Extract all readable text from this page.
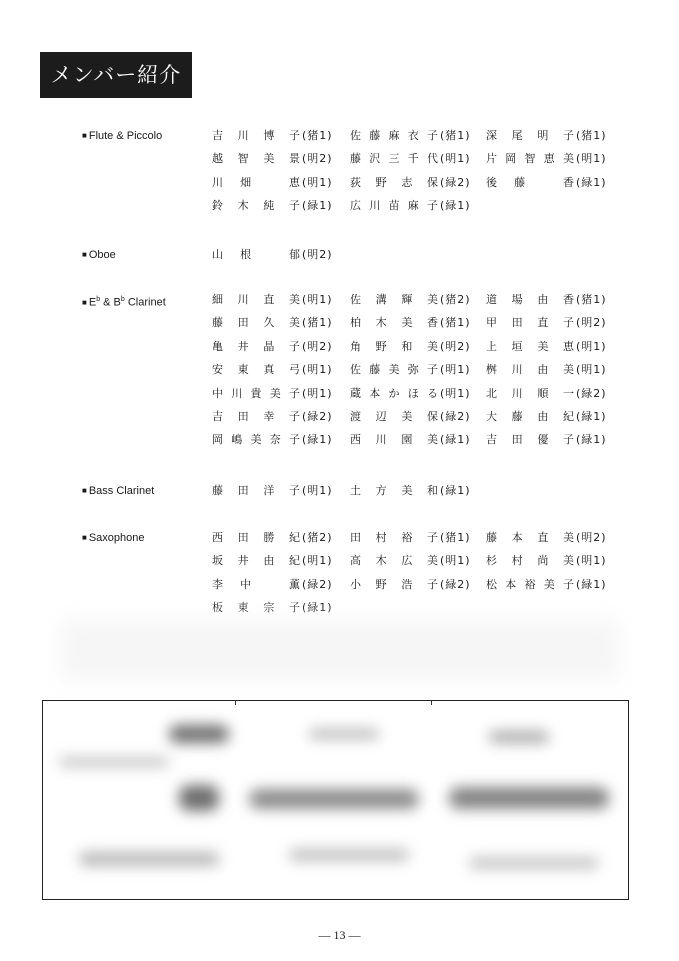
メンバー紹介
■ Flute & Piccolo	吉川博子 (猪1) 佐藤麻衣子 (猪1) 深尾明子 (猪1)
越智美景 (明2) 藤沢三千代 (明1) 片岡智恵美 (明1)
川畑 恵 (明1) 荻野志保 (緑2) 後藤 香 (緑1)
鈴木純子 (緑1) 広川苗麻子 (緑1)
■ Oboe	山根 郁 (明2)
■ $E^b$ & $B^b$ Clarinet	細川直美 (明1) 佐溝輝美 (猪2) 道場由香 (猪1)
藤田久美 (猪1) 柏木美香 (猪1) 甲田直子 (明2)
亀井晶子 (明2) 角野和美 (明2) 上垣美恵 (明1)
安東真弓 (明1) 佐藤美弥子 (明1) 桝川由美 (明1)
中川貴美子 (明1) 蔵本かほる (明1) 北川順一 (緑2)
吉田幸子 (緑2) 渡辺美保 (緑2) 大藤由紀 (緑1)
岡嶋美奈子 (緑1) 西川園美 (緑1) 吉田優子 (緑1)
■ Bass Clarinet	藤田洋子 (明1) 土方美和 (緑1)
■ Saxophone	西田勝紀 (猪2) 田村裕子 (猪1) 藤本直美 (明2)
坂井由紀 (明1) 高木広美 (明1) 杉村尚美 (明1)
李中 薫 (緑2) 小野浩子 (緑2) 松本裕美子 (緑1)
板東宗子 (緑1)
— 13 —
